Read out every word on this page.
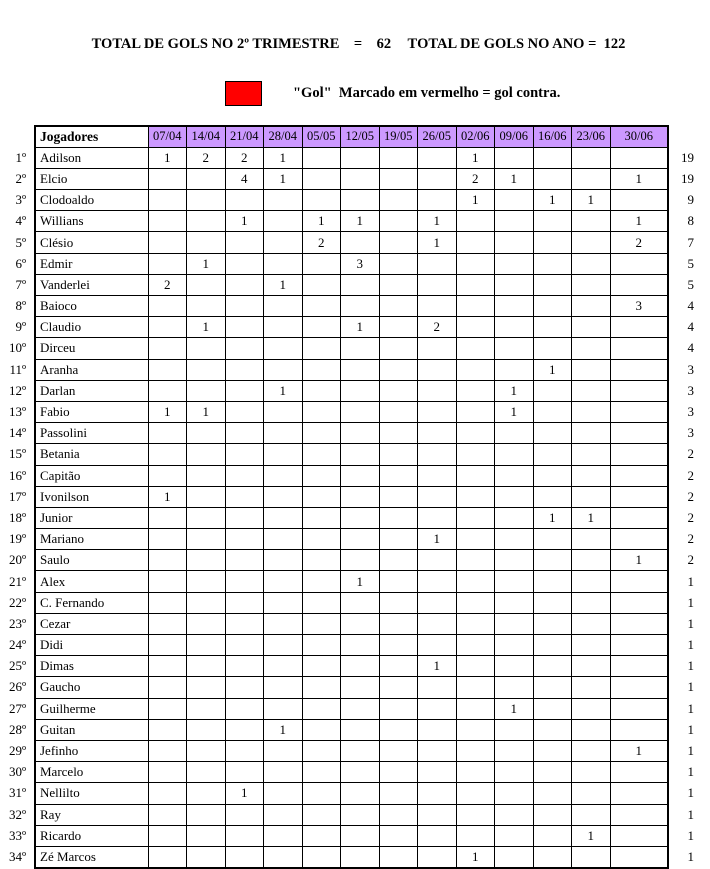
TOTAL DE GOLS NO 2º TRIMESTRE    =    62 TOTAL DE GOLS NO ANO =  122

"Gol"  Marcado em vermelho = gol contra.
	Jogadores	07/04	14/04	21/04	28/04	05/05	12/05	19/05	26/05	02/06	09/06	16/06	23/06	30/06	
1º	Adilson	1	2	2	1					1					19
2º	Elcio			4	1					2	1			1	19
3º	Clodoaldo									1		1	1		9
4º	Willians			1		1	1		1					1	8
5º	Clésio					2			1					2	7
6º	Edmir		1				3								5
7º	Vanderlei	2			1										5
8º	Baioco													3	4
9º	Claudio		1				1		2						4
10º	Dirceu														4
11º	Aranha											1			3
12º	Darlan				1						1				3
13º	Fabio	1	1								1				3
14º	Passolini														3
15º	Betania														2
16º	Capitão														2
17º	Ivonilson	1													2
18º	Junior											1	1		2
19º	Mariano								1						2
20º	Saulo													1	2
21º	Alex						1								1
22º	C. Fernando														1
23º	Cezar														1
24º	Didi														1
25º	Dimas								1						1
26º	Gaucho														1
27º	Guilherme										1				1
28º	Guitan				1										1
29º	Jefinho													1	1
30º	Marcelo														1
31º	Nellilto			1											1
32º	Ray														1
33º	Ricardo												1		1
34º	Zé Marcos									1					1
